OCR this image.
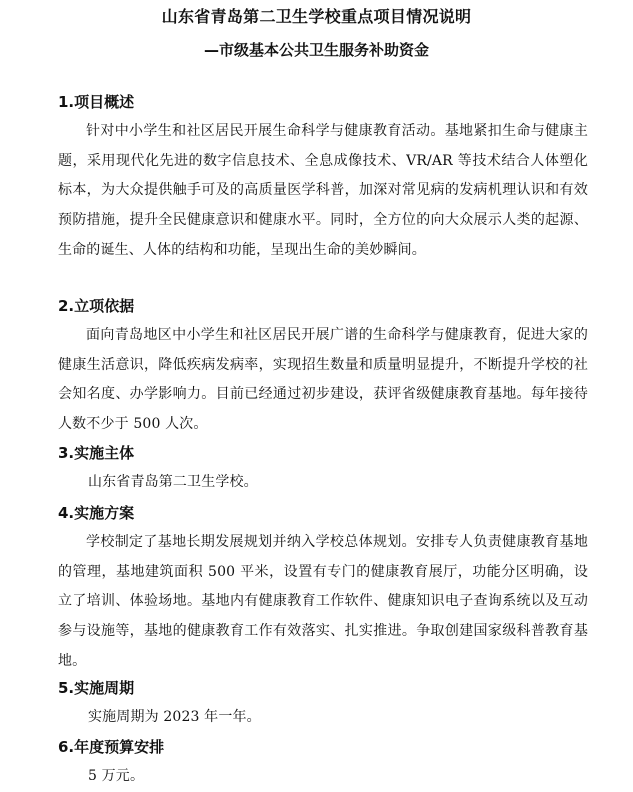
山东省青岛第二卫生学校重点项目情况说明
—市级基本公共卫生服务补助资金
1.项目概述
针对中小学生和社区居民开展生命科学与健康教育活动。基地紧扣生命与健康主题，采用现代化先进的数字信息技术、全息成像技术、VR/AR 等技术结合人体塑化标本，为大众提供触手可及的高质量医学科普，加深对常见病的发病机理认识和有效预防措施，提升全民健康意识和健康水平。同时，全方位的向大众展示人类的起源、生命的诞生、人体的结构和功能，呈现出生命的美妙瞬间。
2.立项依据
面向青岛地区中小学生和社区居民开展广谱的生命科学与健康教育，促进大家的健康生活意识，降低疾病发病率，实现招生数量和质量明显提升，不断提升学校的社会知名度、办学影响力。目前已经通过初步建设，获评省级健康教育基地。每年接待人数不少于 500 人次。
3.实施主体
山东省青岛第二卫生学校。
4.实施方案
学校制定了基地长期发展规划并纳入学校总体规划。安排专人负责健康教育基地的管理，基地建筑面积 500 平米，设置有专门的健康教育展厅，功能分区明确，设立了培训、体验场地。基地内有健康教育工作软件、健康知识电子查询系统以及互动参与设施等，基地的健康教育工作有效落实、扎实推进。争取创建国家级科普教育基地。
5.实施周期
实施周期为 2023 年一年。
6.年度预算安排
5 万元。
